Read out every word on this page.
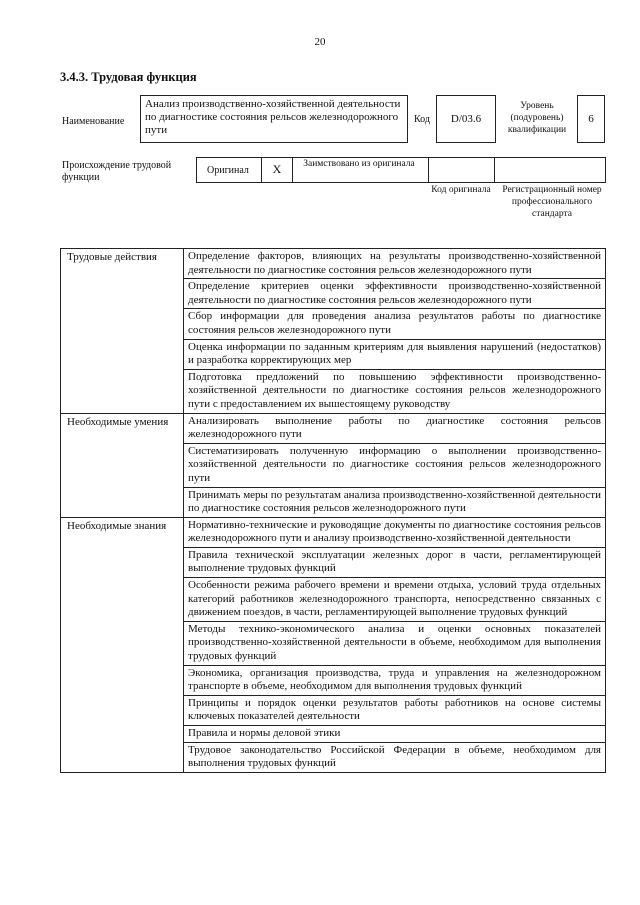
20
3.4.3. Трудовая функция
Наименование
Анализ производственно-хозяйственной деятельности по диагностике состояния рельсов железнодорожного пути
Код	D/03.6
Уровень (подуровень) квалификации
6
Происхождение трудовой функции
Оригинал	X	Заимствовано из оригинала
Код оригинала	Регистрационный номер профессионального стандарта
Трудовые действия	Определение факторов, влияющих на результаты производственно-хозяйственной деятельности по диагностике состояния рельсов железнодорожного пути
	Определение критериев оценки эффективности производственно-хозяйственной деятельности по диагностике состояния рельсов железнодорожного пути
	Сбор информации для проведения анализа результатов работы по диагностике состояния рельсов железнодорожного пути
	Оценка информации по заданным критериям для выявления нарушений (недостатков) и разработка корректирующих мер
	Подготовка предложений по повышению эффективности производственно-хозяйственной деятельности по диагностике состояния рельсов железнодорожного пути с предоставлением их вышестоящему руководству
Необходимые умения	Анализировать выполнение работы по диагностике состояния рельсов железнодорожного пути
	Систематизировать полученную информацию о выполнении производственно-хозяйственной деятельности по диагностике состояния рельсов железнодорожного пути
	Принимать меры по результатам анализа производственно-хозяйственной деятельности по диагностике состояния рельсов железнодорожного пути
Необходимые знания	Нормативно-технические и руководящие документы по диагностике состояния рельсов железнодорожного пути и анализу производственно-хозяйственной деятельности
	Правила технической эксплуатации железных дорог в части, регламентирующей выполнение трудовых функций
	Особенности режима рабочего времени и времени отдыха, условий труда отдельных категорий работников железнодорожного транспорта, непосредственно связанных с движением поездов, в части, регламентирующей выполнение трудовых функций
	Методы технико-экономического анализа и оценки основных показателей производственно-хозяйственной деятельности в объеме, необходимом для выполнения трудовых функций
	Экономика, организация производства, труда и управления на железнодорожном транспорте в объеме, необходимом для выполнения трудовых функций
	Принципы и порядок оценки результатов работы работников на основе системы ключевых показателей деятельности
	Правила и нормы деловой этики
	Трудовое законодательство Российской Федерации в объеме, необходимом для выполнения трудовых функций
